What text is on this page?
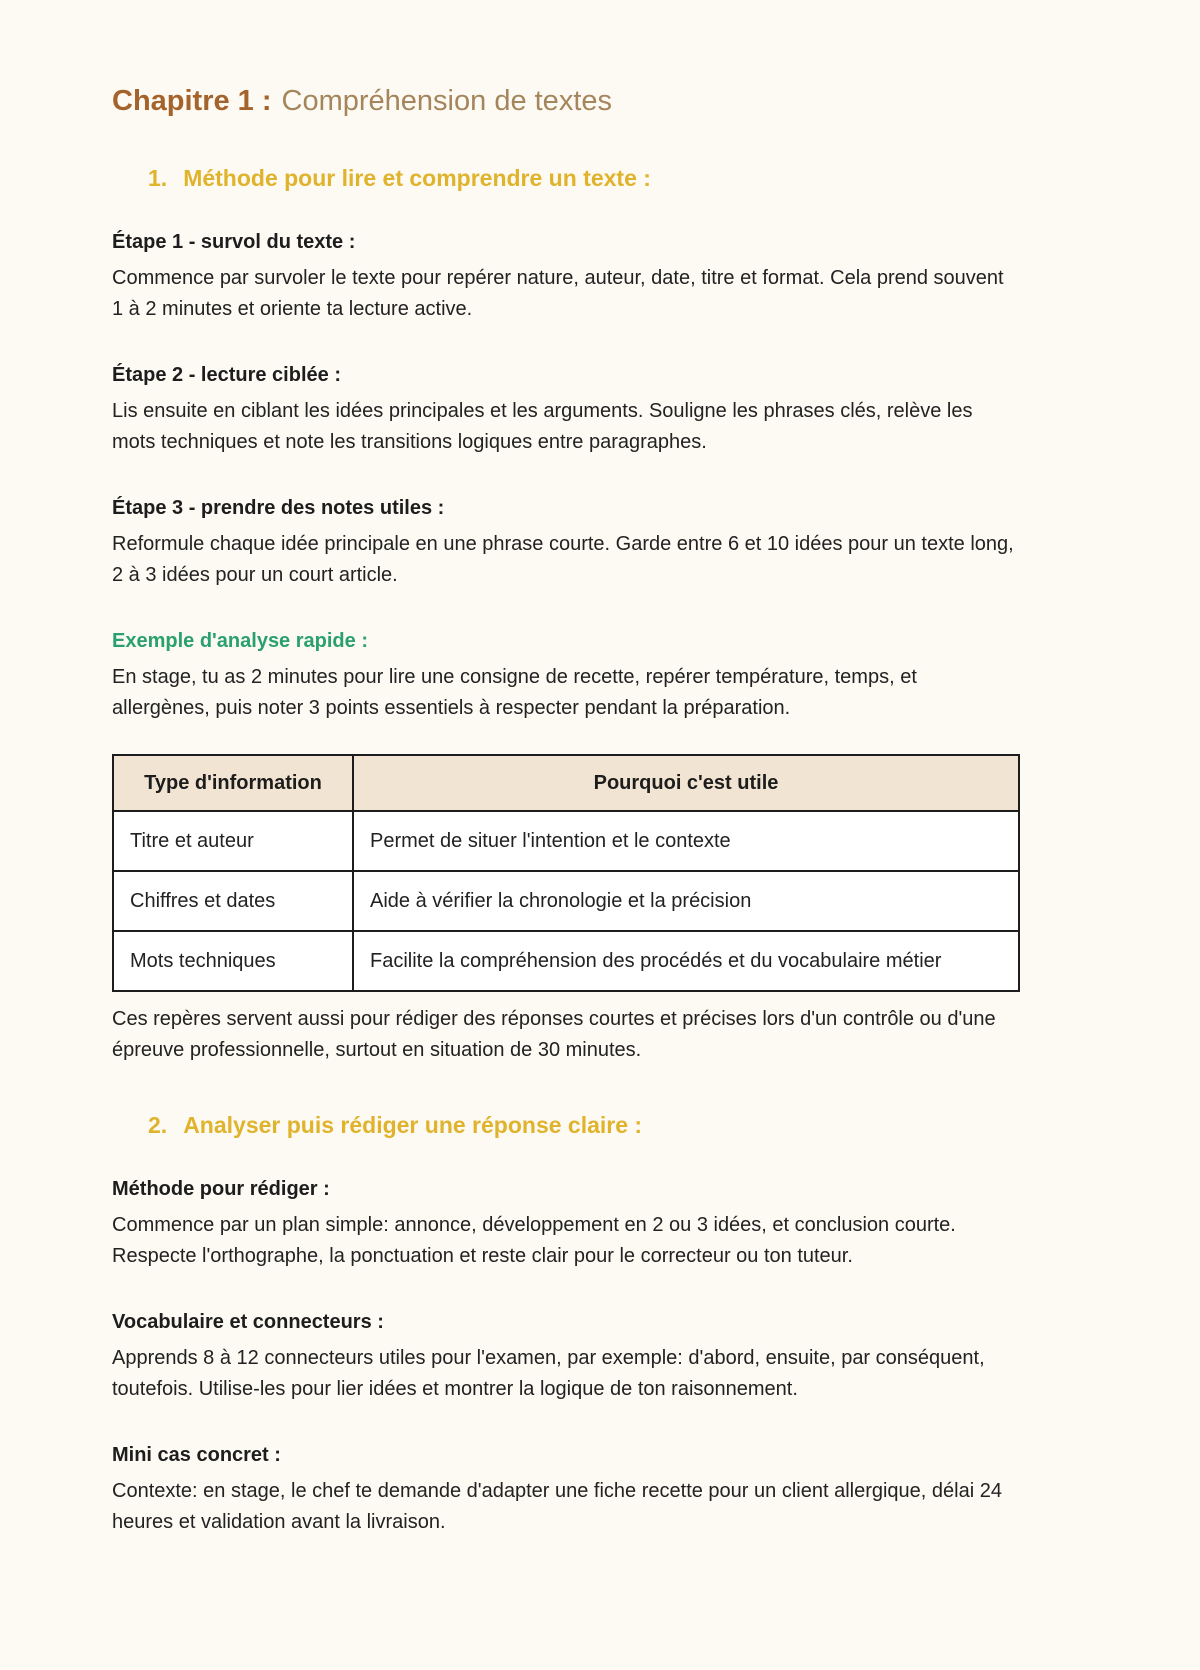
Chapitre 1 : Compréhension de textes
1. Méthode pour lire et comprendre un texte :

Étape 1 - survol du texte :

Commence par survoler le texte pour repérer nature, auteur, date, titre et format. Cela prend souvent 1 à 2 minutes et oriente ta lecture active.

Étape 2 - lecture ciblée :

Lis ensuite en ciblant les idées principales et les arguments. Souligne les phrases clés, relève les mots techniques et note les transitions logiques entre paragraphes.

Étape 3 - prendre des notes utiles :

Reformule chaque idée principale en une phrase courte. Garde entre 6 et 10 idées pour un texte long, 2 à 3 idées pour un court article.

Exemple d'analyse rapide :

En stage, tu as 2 minutes pour lire une consigne de recette, repérer température, temps, et allergènes, puis noter 3 points essentiels à respecter pendant la préparation.

Type d'information	Pourquoi c'est utile
Titre et auteur	Permet de situer l'intention et le contexte
Chiffres et dates	Aide à vérifier la chronologie et la précision
Mots techniques	Facilite la compréhension des procédés et du vocabulaire métier

Ces repères servent aussi pour rédiger des réponses courtes et précises lors d'un contrôle ou d'une épreuve professionnelle, surtout en situation de 30 minutes.

2. Analyser puis rédiger une réponse claire :

Méthode pour rédiger :

Commence par un plan simple: annonce, développement en 2 ou 3 idées, et conclusion courte. Respecte l'orthographe, la ponctuation et reste clair pour le correcteur ou ton tuteur.

Vocabulaire et connecteurs :

Apprends 8 à 12 connecteurs utiles pour l'examen, par exemple: d'abord, ensuite, par conséquent, toutefois. Utilise-les pour lier idées et montrer la logique de ton raisonnement.

Mini cas concret :

Contexte: en stage, le chef te demande d'adapter une fiche recette pour un client allergique, délai 24 heures et validation avant la livraison.
